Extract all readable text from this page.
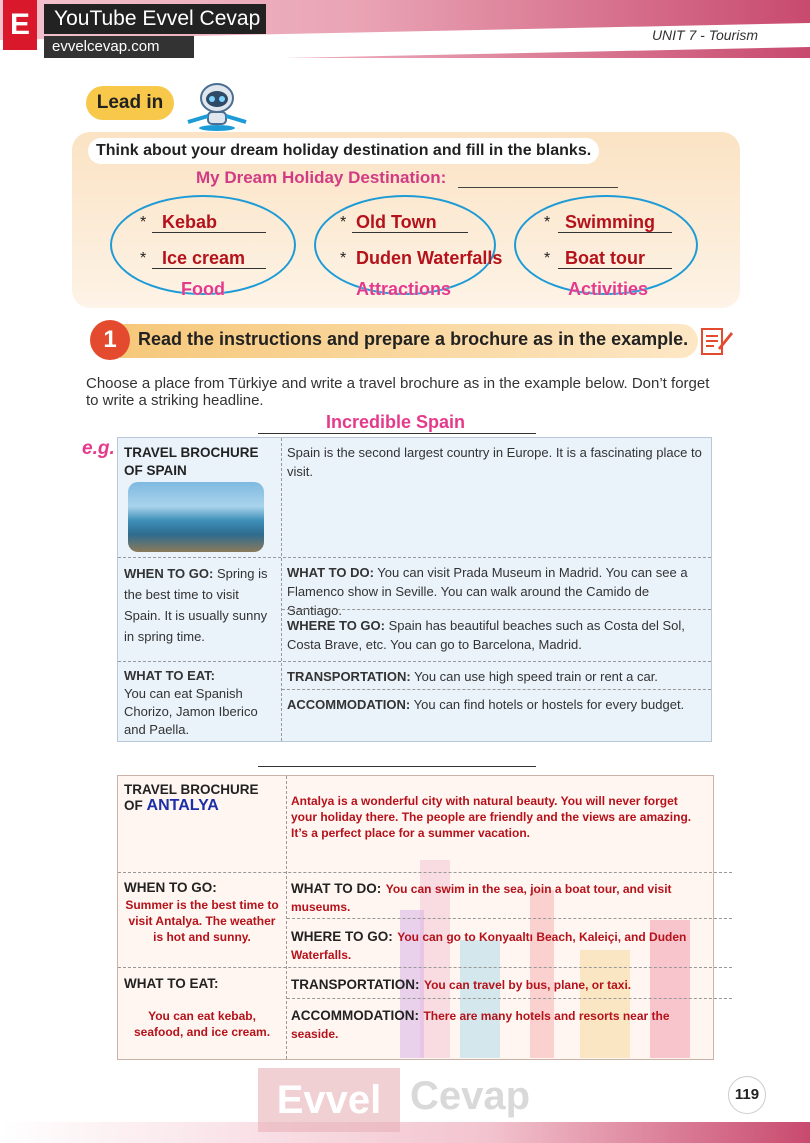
E	YouTube Evvel Cevap
evvelcevap.com
UNIT 7 - Tourism
Lead in
Think about your dream holiday destination and fill in the blanks.
My Dream Holiday Destination:
* Kebab
* Ice cream
Food
* Old Town
* Duden Waterfalls
Attractions
* Swimming
* Boat tour
Activities
1	Read the instructions and prepare a brochure as in the example.
Choose a place from Türkiye and write a travel brochure as in the example below. Don’t forget to write a striking headline.
Incredible Spain
e.g. TRAVEL BROCHURE OF SPAIN
Spain is the second largest country in Europe. It is a fascinating place to visit.
WHEN TO GO: Spring is the best time to visit Spain. It is usually sunny in spring time.
WHAT TO DO: You can visit Prada Museum in Madrid. You can see a Flamenco show in Seville. You can walk around the Camido de Santiago.
WHERE TO GO: Spain has beautiful beaches such as Costa del Sol, Costa Brave, etc. You can go to Barcelona, Madrid.
WHAT TO EAT:
You can eat Spanish Chorizo, Jamon Iberico and Paella.
TRANSPORTATION: You can use high speed train or rent a car.
ACCOMMODATION: You can find hotels or hostels for every budget.
TRAVEL BROCHURE
OF ANTALYA	Antalya is a wonderful city with natural beauty. You will never forget your holiday there. The people are friendly and the views are amazing. It’s a perfect place for a summer vacation.
WHEN TO GO:
Summer is the best time to visit Antalya. The weather is hot and sunny.
WHAT TO DO: You can swim in the sea, join a boat tour, and visit museums.
WHERE TO GO: You can go to Konyaaltı Beach, Kaleiçi, and Duden Waterfalls.
WHAT TO EAT:
You can eat kebab, seafood, and ice cream.
TRANSPORTATION: You can travel by bus, plane, or taxi.
ACCOMMODATION: There are many hotels and resorts near the seaside.
Evvel Cevap	119
